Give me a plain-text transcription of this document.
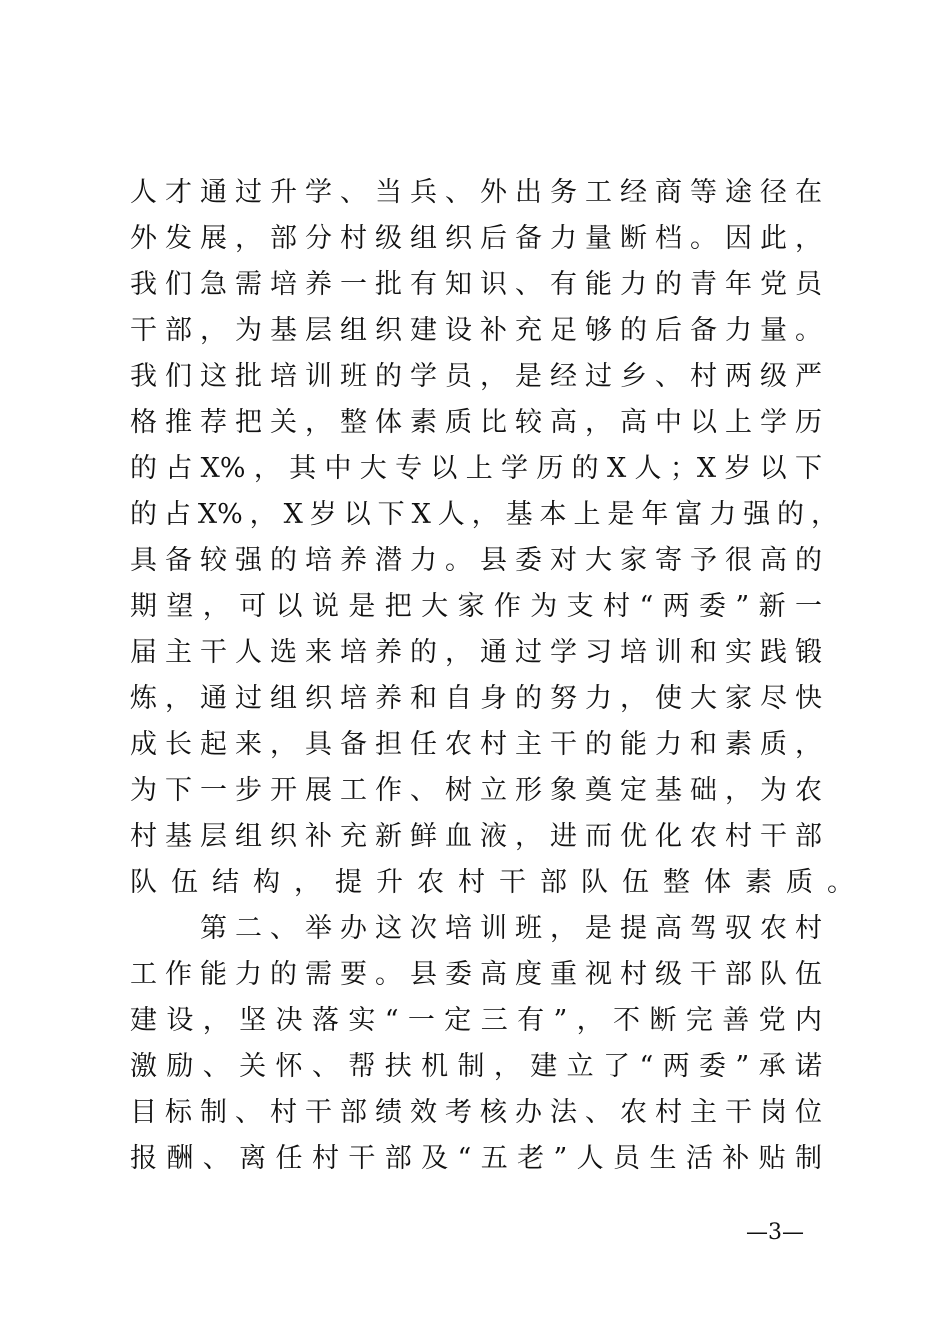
人才通过升学、当兵、外出务工经商等途径在
外发展，部分村级组织后备力量断档。因此，
我们急需培养一批有知识、有能力的青年党员
干部，为基层组织建设补充足够的后备力量。
我们这批培训班的学员，是经过乡、村两级严
格推荐把关，整体素质比较高，高中以上学历
的占X%，其中大专以上学历的X人；X岁以下
的占X%，X岁以下X人，基本上是年富力强的，
具备较强的培养潜力。县委对大家寄予很高的
期望，可以说是把大家作为支村“两委”新一
届主干人选来培养的，通过学习培训和实践锻
炼，通过组织培养和自身的努力，使大家尽快
成长起来，具备担任农村主干的能力和素质，
为下一步开展工作、树立形象奠定基础，为农
村基层组织补充新鲜血液，进而优化农村干部
队伍结构，提升农村干部队伍整体素质。
第二、举办这次培训班，是提高驾驭农村
工作能力的需要。县委高度重视村级干部队伍
建设，坚决落实“一定三有”，不断完善党内
激励、关怀、帮扶机制，建立了“两委”承诺
目标制、村干部绩效考核办法、农村主干岗位
报酬、离任村干部及“五老”人员生活补贴制
—3—
